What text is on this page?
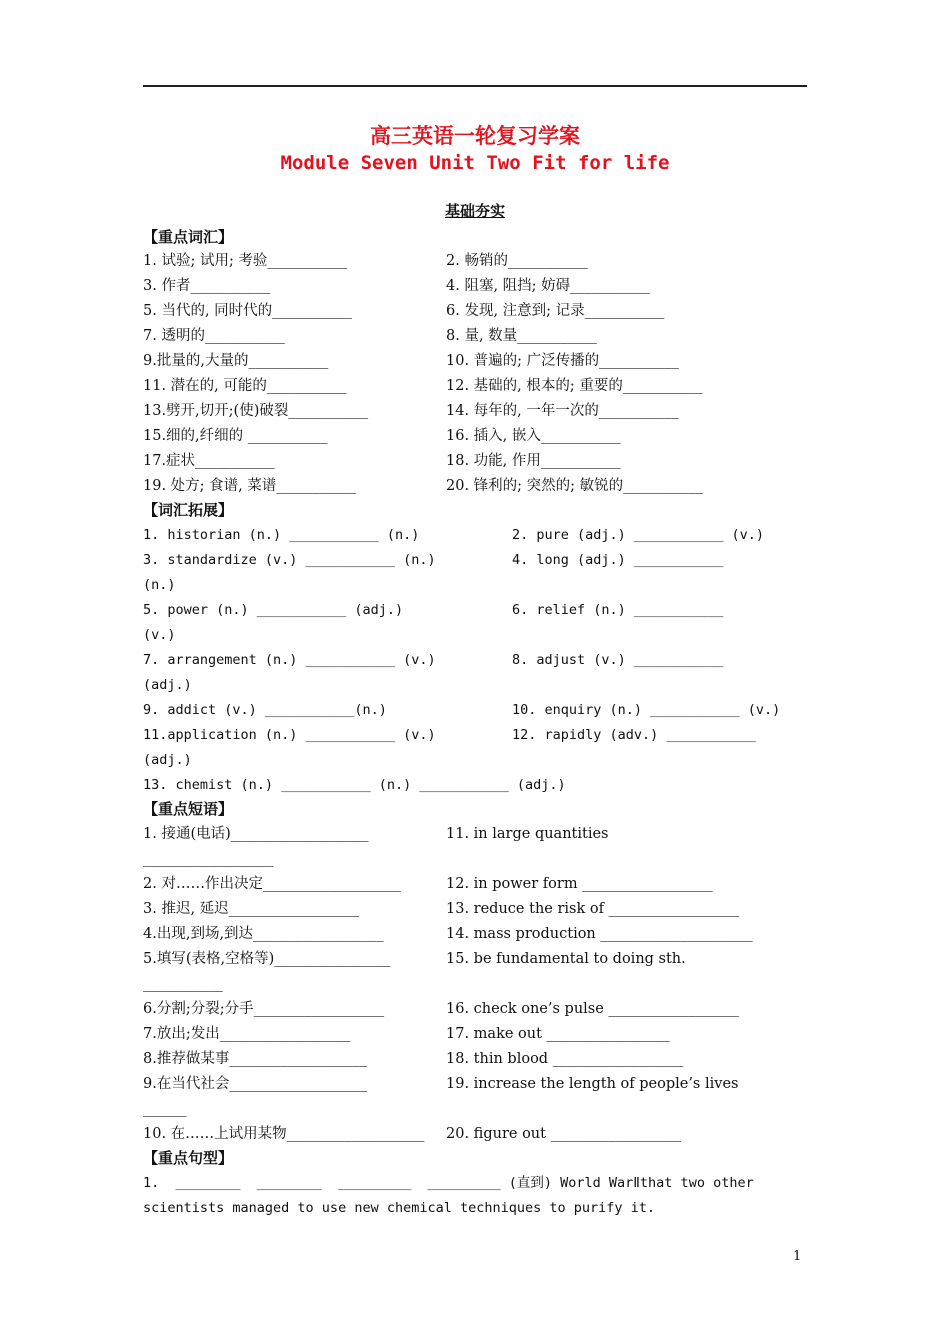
高三英语一轮复习学案
Module Seven Unit Two Fit for life
基础夯实
【重点词汇】
1. 试验; 试用; 考验___________	2. 畅销的___________
3. 作者___________	4. 阻塞, 阻挡; 妨碍___________
5. 当代的, 同时代的___________	6. 发现, 注意到; 记录___________
7. 透明的___________	8. 量, 数量___________
9.批量的,大量的___________	10. 普遍的; 广泛传播的___________
11. 潜在的, 可能的___________	12. 基础的, 根本的; 重要的___________
13.劈开,切开;(使)破裂___________	14. 每年的, 一年一次的___________
15.细的,纤细的 ___________	16. 插入, 嵌入___________
17.症状___________	18. 功能, 作用___________
19. 处方; 食谱, 菜谱___________	20. 锋利的; 突然的; 敏锐的___________
【词汇拓展】
1. historian (n.) ___________ (n.)	2. pure (adj.) ___________ (v.)
3. standardize (v.) ___________ (n.)	4. long (adj.) ___________
(n.)
5. power (n.) ___________ (adj.)	6. relief (n.) ___________
(v.)
7. arrangement (n.) ___________ (v.)	8. adjust (v.) ___________
(adj.)
9. addict (v.) ___________(n.)	10. enquiry (n.) ___________ (v.)
11.application (n.) ___________ (v.)	12. rapidly (adv.) ___________
(adj.)
13. chemist (n.) ___________ (n.) ___________ (adj.)
【重点短语】
1. 接通(电话)___________________	11. in large quantities
__________________
2. 对……作出决定___________________	12. in power form __________________
3. 推迟, 延迟__________________	13. reduce the risk of __________________
4.出现,到场,到达__________________	14. mass production _____________________
5.填写(表格,空格等)________________	15. be fundamental to doing sth.
___________
6.分割;分裂;分手__________________	16. check one’s pulse __________________
7.放出;发出__________________	17. make out _________________
8.推荐做某事___________________	18. thin blood __________________
9.在当代社会___________________	19. increase the length of people’s lives
______
10. 在……上试用某物___________________ 20. figure out __________________
【重点句型】
1.  ________  ________  _________  _________ (直到) World WarⅡthat two other
scientists managed to use new chemical techniques to purify it.
1
